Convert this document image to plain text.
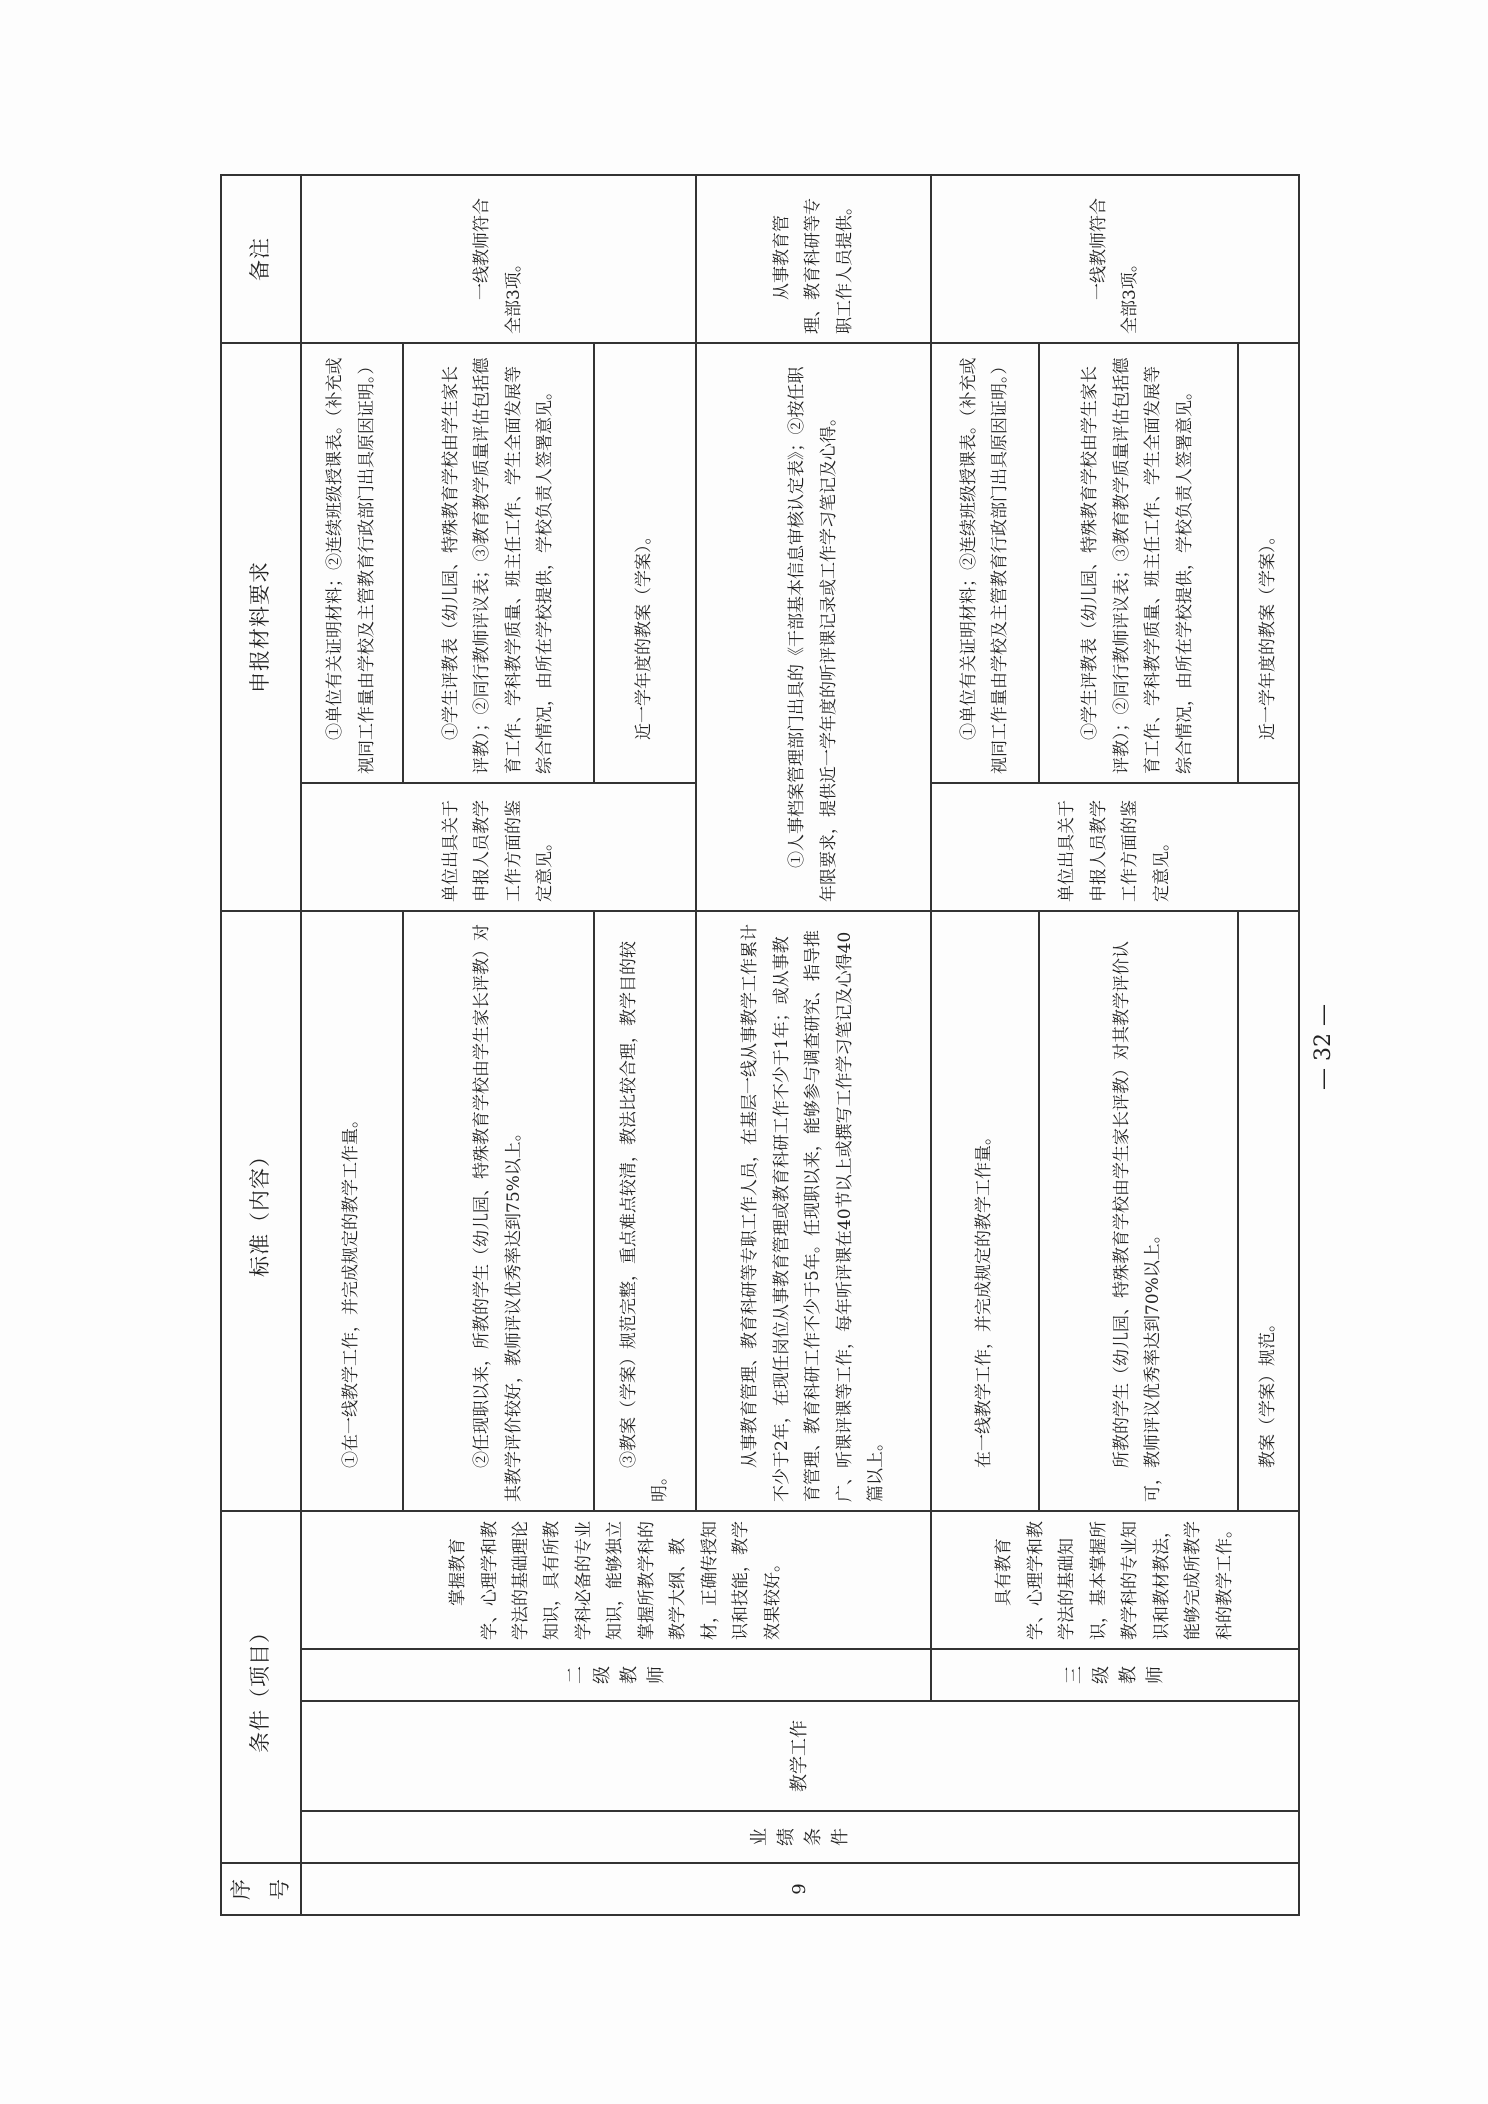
序号	条件（项目）				标准（内容）	申报材料要求		备注
9	业 绩 条 件	教学工作	二 级 教 师	掌握教育学、心理学和教学法的基础理论知识，具有所教学科必备的专业知识，能够独立掌握所教学科的教学大纲、教材，正确传授知识和技能，教学效果较好。	①在一线教学工作，并完成规定的教学工作量。	单位出具关于申报人员教学工作方面的鉴定意见。	①单位有关证明材料；②连续班级授课表。（补充或视同工作量由学校及主管教育行政部门出具原因证明。）	一线教师符合全部3项。
					②任现职以来，所教的学生（幼儿园、特殊教育学校由学生家长评教）对其教学评价较好，教师评议优秀率达到75%以上。		①学生评教表（幼儿园、特殊教育学校由学生家长评教）；②同行教师评议表；③教育教学质量评估包括德育工作、学科教学质量、班主任工作、学生全面发展等综合情况，由所在学校提供，学校负责人签署意见。	
					③教案（学案）规范完整，重点难点较清，教法比较合理，教学目的较明。		近一学年度的教案（学案）。	
					从事教育管理、教育科研等专职工作人员，在基层一线从事教学工作累计不少于2年，在现任岗位从事教育管理或教育科研工作不少于1年；或从事教育管理、教育科研工作不少于5年。任现职以来，能够参与调查研究、指导推广、听课评课等工作，每年听评课在40节以上或撰写工作学习笔记及心得40篇以上。	①人事档案管理部门出具的《干部基本信息审核认定表》；②按任职年限要求，提供近一学年度的听评课记录或工作学习笔记及心得。		从事教育管理、教育科研等专职工作人员提供。

			三 级 教 师	具有教育学、心理学和教学法的基础知识，基本掌握所教学科的专业知识和教材教法，能够完成所教学科的教学工作。	在一线教学工作，并完成规定的教学工作量。	单位出具关于申报人员教学工作方面的鉴定意见。	①单位有关证明材料；②连续班级授课表。（补充或视同工作量由学校及主管教育行政部门出具原因证明。）	一线教师符合全部3项。
					所教的学生（幼儿园、特殊教育学校由学生家长评教）对其教学评价认可，教师评议优秀率达到70%以上。		①学生评教表（幼儿园、特殊教育学校由学生家长评教）；②同行教师评议表；③教育教学质量评估包括德育工作、学科教学质量、班主任工作、学生全面发展等综合情况，由所在学校提供，学校负责人签署意见。	
					教案（学案）规范。		近一学年度的教案（学案）。	
— 32 —
